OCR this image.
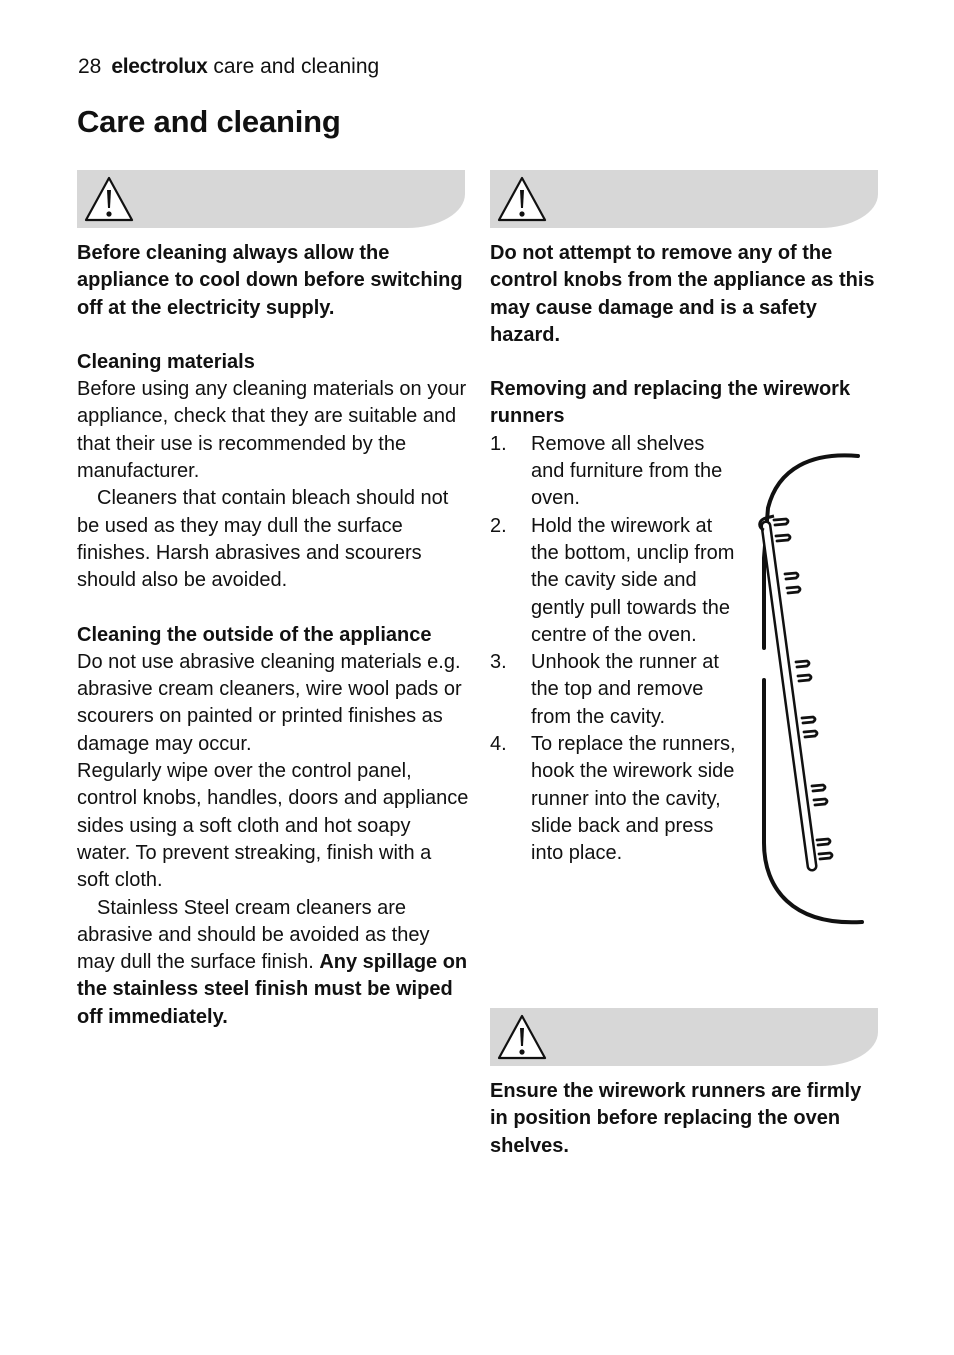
28 electrolux care and cleaning
Care and cleaning

Before cleaning always allow the appliance to cool down before switching off at the electricity supply.

Cleaning materials

Before using any cleaning materials on your appliance, check that they are suitable and that their use is recommended by the manufacturer.

Cleaners that contain bleach should not be used as they may dull the surface finishes. Harsh abrasives and scourers should also be avoided.

Cleaning the outside of the appliance

Do not use abrasive cleaning materials e.g. abrasive cream cleaners, wire wool pads or scourers on painted or printed finishes as damage may occur.

Regularly wipe over the control panel, control knobs, handles, doors and appliance sides using a soft cloth and hot soapy water. To prevent streaking, finish with a soft cloth.

Stainless Steel cream cleaners are abrasive and should be avoided as they may dull the surface finish. Any spillage on the stainless steel finish must be wiped off immediately.

Do not attempt to remove any of the control knobs from the appliance as this may cause damage and is a safety hazard.

Removing and replacing the wirework runners

1. Remove all shelves and furniture from the oven.
2. Hold the wirework at the bottom, unclip from the cavity side and gently pull towards the centre of the oven.
3. Unhook the runner at the top and remove from the cavity.
4. To replace the runners, hook the wirework side runner into the cavity, slide back and press into place.

Ensure the wirework runners are firmly in position before replacing the oven shelves.
